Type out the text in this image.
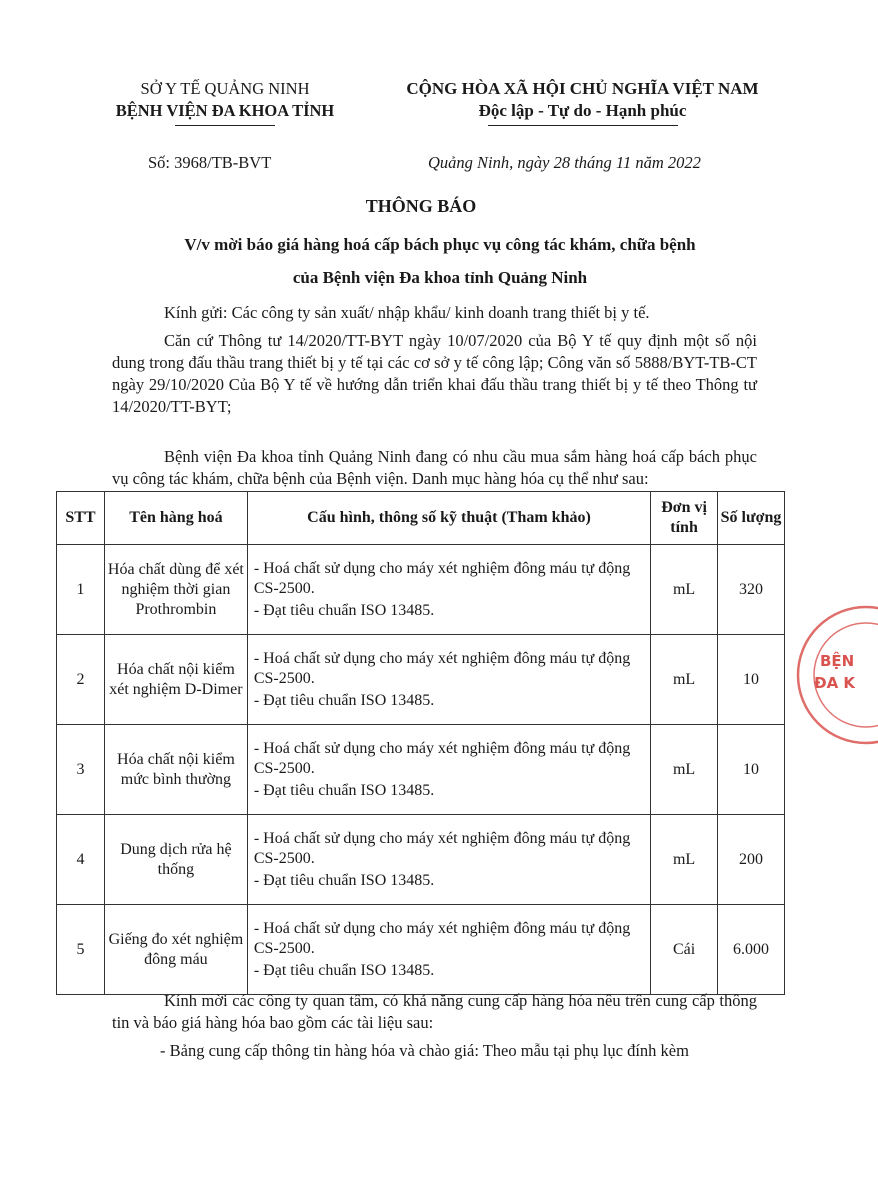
SỞ Y TẾ QUẢNG NINH
BỆNH VIỆN ĐA KHOA TỈNH
CỘNG HÒA XÃ HỘI CHỦ NGHĨA VIỆT NAM
Độc lập - Tự do - Hạnh phúc
Số: 3968/TB-BVT	Quảng Ninh, ngày 28 tháng 11 năm 2022
THÔNG BÁO
V/v mời báo giá hàng hoá cấp bách phục vụ công tác khám, chữa bệnh
của Bệnh viện Đa khoa tỉnh Quảng Ninh
Kính gửi: Các công ty sản xuất/ nhập khẩu/ kinh doanh trang thiết bị y tế.
Căn cứ Thông tư 14/2020/TT-BYT ngày 10/07/2020 của Bộ Y tế quy định một số nội dung trong đấu thầu trang thiết bị y tế tại các cơ sở y tế công lập; Công văn số 5888/BYT-TB-CT ngày 29/10/2020 Của Bộ Y tế về hướng dẫn triển khai đấu thầu trang thiết bị y tế theo Thông tư 14/2020/TT-BYT;
Bệnh viện Đa khoa tỉnh Quảng Ninh đang có nhu cầu mua sắm hàng hoá cấp bách phục vụ công tác khám, chữa bệnh của Bệnh viện. Danh mục hàng hóa cụ thể như sau:
STT	Tên hàng hoá	Cấu hình, thông số kỹ thuật (Tham khảo)	Đơn vị tính	Số lượng
1	Hóa chất dùng để xét nghiệm thời gian Prothrombin	- Hoá chất sử dụng cho máy xét nghiệm đông máu tự động CS-2500.
- Đạt tiêu chuẩn ISO 13485.	mL	320
2	Hóa chất nội kiểm xét nghiệm D-Dimer	- Hoá chất sử dụng cho máy xét nghiệm đông máu tự động CS-2500.
- Đạt tiêu chuẩn ISO 13485.	mL	10
3	Hóa chất nội kiểm mức bình thường	- Hoá chất sử dụng cho máy xét nghiệm đông máu tự động CS-2500.
- Đạt tiêu chuẩn ISO 13485.	mL	10
4	Dung dịch rửa hệ thống	- Hoá chất sử dụng cho máy xét nghiệm đông máu tự động CS-2500.
- Đạt tiêu chuẩn ISO 13485.	mL	200
5	Giếng đo xét nghiệm đông máu	- Hoá chất sử dụng cho máy xét nghiệm đông máu tự động CS-2500.
- Đạt tiêu chuẩn ISO 13485.	Cái	6.000
Kính mời các công ty quan tâm, có khả năng cung cấp hàng hóa nêu trên cung cấp thông tin và báo giá hàng hóa bao gồm các tài liệu sau:
- Bảng cung cấp thông tin hàng hóa và chào giá: Theo mẫu tại phụ lục đính kèm
BỆN
ĐA K
